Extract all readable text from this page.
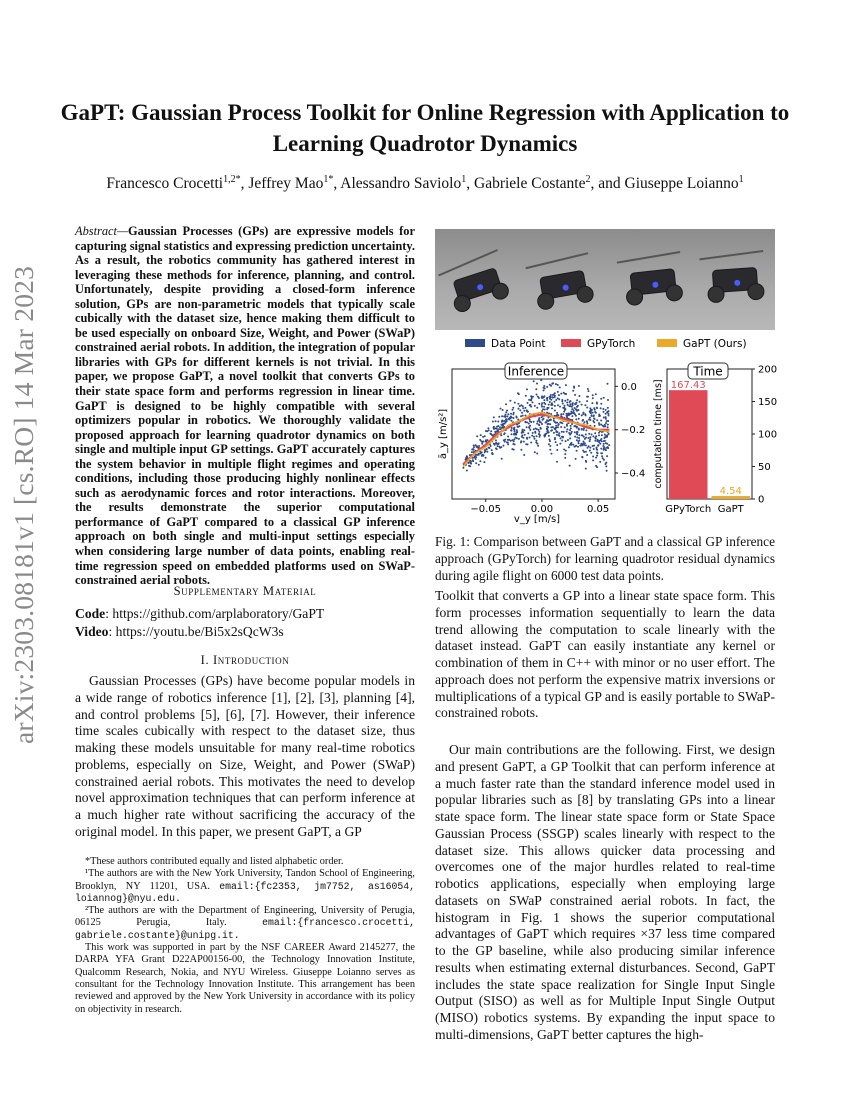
arXiv:2303.08181v1 [cs.RO] 14 Mar 2023
GaPT: Gaussian Process Toolkit for Online Regression with Application to Learning Quadrotor Dynamics
Francesco Crocetti$^{1,2*}$, Jeffrey Mao$^{1*}$, Alessandro Saviolo$^1$, Gabriele Costante$^2$, and Giuseppe Loianno$^1$
Abstract—Gaussian Processes (GPs) are expressive models for capturing signal statistics and expressing prediction uncertainty. As a result, the robotics community has gathered interest in leveraging these methods for inference, planning, and control. Unfortunately, despite providing a closed-form inference solution, GPs are non-parametric models that typically scale cubically with the dataset size, hence making them difficult to be used especially on onboard Size, Weight, and Power (SWaP) constrained aerial robots. In addition, the integration of popular libraries with GPs for different kernels is not trivial. In this paper, we propose GaPT, a novel toolkit that converts GPs to their state space form and performs regression in linear time. GaPT is designed to be highly compatible with several optimizers popular in robotics. We thoroughly validate the proposed approach for learning quadrotor dynamics on both single and multiple input GP settings. GaPT accurately captures the system behavior in multiple flight regimes and operating conditions, including those producing highly nonlinear effects such as aerodynamic forces and rotor interactions. Moreover, the results demonstrate the superior computational performance of GaPT compared to a classical GP inference approach on both single and multi-input settings especially when considering large number of data points, enabling real-time regression speed on embedded platforms used on SWaP-constrained aerial robots.
Supplementary Material
Code: https://github.com/arplaboratory/GaPT
Video: https://youtu.be/Bi5x2sQcW3s
I. Introduction
Gaussian Processes (GPs) have become popular models in a wide range of robotics inference [1], [2], [3], planning [4], and control problems [5], [6], [7]. However, their inference time scales cubically with respect to the dataset size, thus making these models unsuitable for many real-time robotics problems, especially on Size, Weight, and Power (SWaP) constrained aerial robots. This motivates the need to develop novel approximation techniques that can perform inference at a much higher rate without sacrificing the accuracy of the original model. In this paper, we present GaPT, a GP
*These authors contributed equally and listed alphabetic order.
¹The authors are with the New York University, Tandon School of Engineering, Brooklyn, NY 11201, USA. email:{fc2353, jm7752, as16054, loiannog}@nyu.edu.
²The authors are with the Department of Engineering, University of Perugia, 06125 Perugia, Italy.	email:{francesco.crocetti, gabriele.costante}@unipg.it.
This work was supported in part by the NSF CAREER Award 2145277, the DARPA YFA Grant D22AP00156-00, the Technology Innovation Institute, Qualcomm Research, Nokia, and NYU Wireless. Giuseppe Loianno serves as consultant for the Technology Innovation Institute. This arrangement has been reviewed and approved by the New York University in accordance with its policy on objectivity in research.
Data Point	GPyTorch	GaPT (Ours)
Inference
−0.05	0.00	0.05
0.0
−0.2
−0.4
v_y [m/s]
ā_y [m/s²]
167.43
GPyTorch
4.54
GaPT
Time
0
50
100
150
200
computation time [ms]
Fig. 1: Comparison between GaPT and a classical GP inference approach (GPyTorch) for learning quadrotor residual dynamics during agile flight on 6000 test data points.
Toolkit that converts a GP into a linear state space form. This form processes information sequentially to learn the data trend allowing the computation to scale linearly with the dataset instead. GaPT can easily instantiate any kernel or combination of them in C++ with minor or no user effort. The approach does not perform the expensive matrix inversions or multiplications of a typical GP and is easily portable to SWaP-constrained robots.
Our main contributions are the following. First, we design and present GaPT, a GP Toolkit that can perform inference at a much faster rate than the standard inference model used in popular libraries such as [8] by translating GPs into a linear state space form. The linear state space form or State Space Gaussian Process (SSGP) scales linearly with respect to the dataset size. This allows quicker data processing and overcomes one of the major hurdles related to real-time robotics applications, especially when employing large datasets on SWaP constrained aerial robots. In fact, the histogram in Fig. 1 shows the superior computational advantages of GaPT which requires ×37 less time compared to the GP baseline, while also producing similar inference results when estimating external disturbances. Second, GaPT includes the state space realization for Single Input Single Output (SISO) as well as for Multiple Input Single Output (MISO) robotics systems. By expanding the input space to multi-dimensions, GaPT better captures the high-
